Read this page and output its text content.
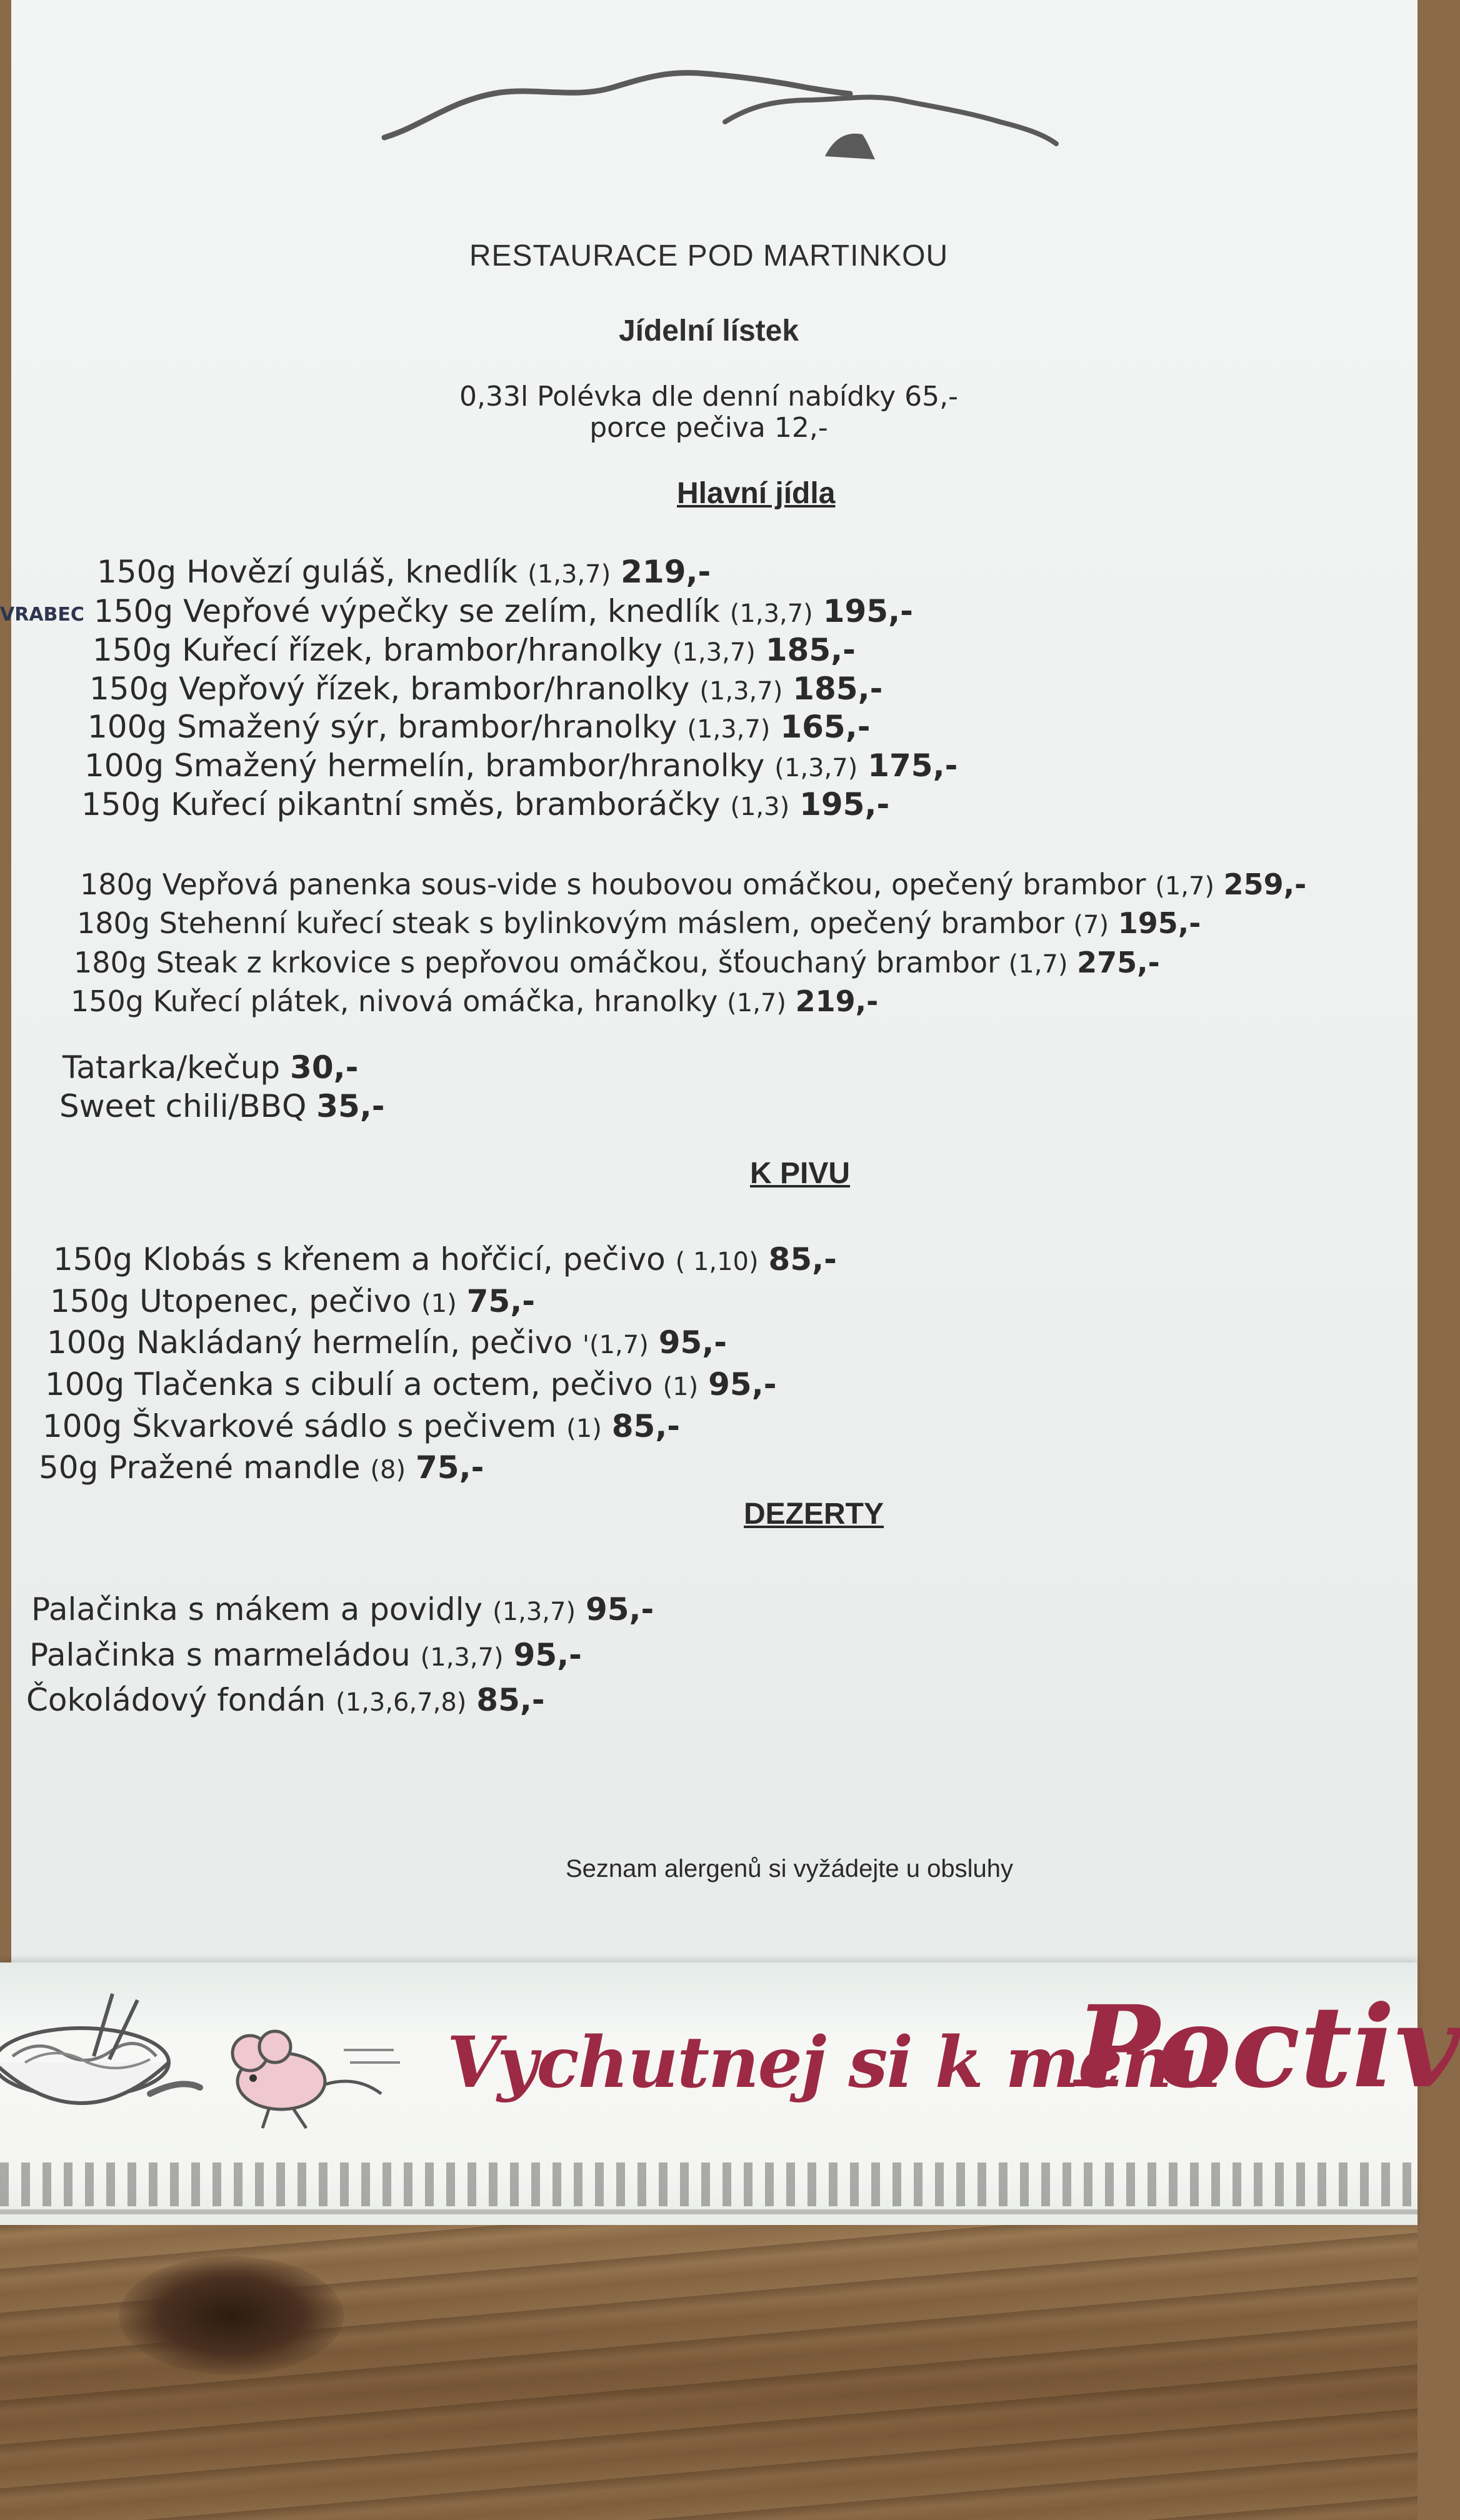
RESTAURACE POD MARTINKOU
Jídelní lístek
0,33l Polévka dle denní nabídky 65,-
porce pečiva 12,-
Hlavní jídla
150g Hovězí guláš, knedlík (1,3,7) 219,-
VRABEC 150g Vepřové výpečky se zelím, knedlík (1,3,7) 195,-
150g Kuřecí řízek, brambor/hranolky (1,3,7) 185,-
150g Vepřový řízek, brambor/hranolky (1,3,7) 185,-
100g Smažený sýr, brambor/hranolky (1,3,7) 165,-
100g Smažený hermelín, brambor/hranolky (1,3,7) 175,-
150g Kuřecí pikantní směs, bramboráčky (1,3) 195,-
180g Vepřová panenka sous-vide s houbovou omáčkou, opečený brambor (1,7) 259,-
180g Stehenní kuřecí steak s bylinkovým máslem, opečený brambor (7) 195,-
180g Steak z krkovice s pepřovou omáčkou, šťouchaný brambor (1,7) 275,-
150g Kuřecí plátek, nivová omáčka, hranolky (1,7) 219,-
Tatarka/kečup 30,-
Sweet chili/BBQ 35,-
K PIVU
150g Klobás s křenem a hořčicí, pečivo ( 1,10) 85,-
150g Utopenec, pečivo (1) 75,-
100g Nakládaný hermelín, pečivo '(1,7) 95,-
100g Tlačenka s cibulí a octem, pečivo (1) 95,-
100g Škvarkové sádlo s pečivem (1) 85,-
50g Pražené mandle (8) 75,-
DEZERTY
Palačinka s mákem a povidly (1,3,7) 95,-
Palačinka s marmeládou (1,3,7) 95,-
Čokoládový fondán (1,3,6,7,8) 85,-
Seznam alergenů si vyžádejte u obsluhy
Vychutnej si k menu
Poctiv
